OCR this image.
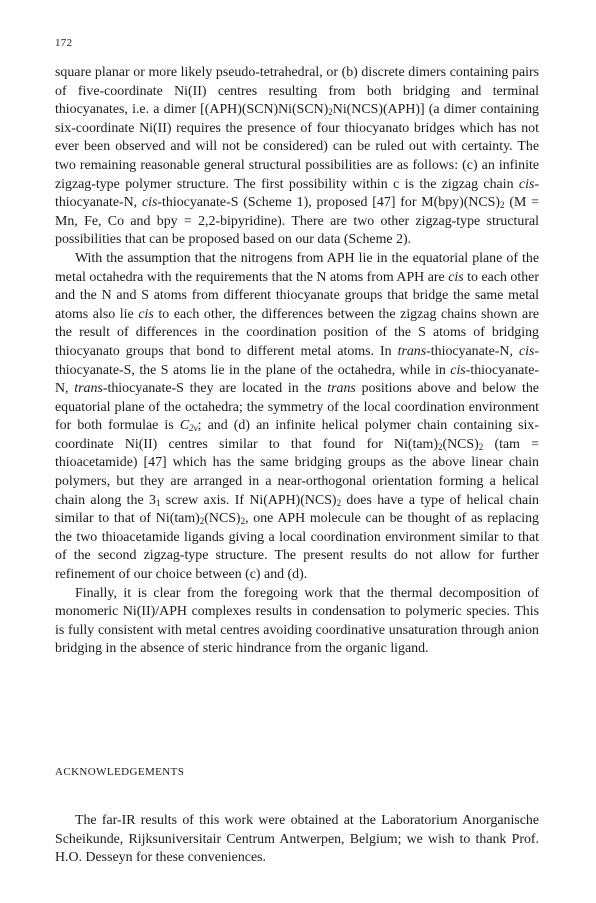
172

square planar or more likely pseudo-tetrahedral, or (b) discrete dimers containing pairs of five-coordinate Ni(II) centres resulting from both bridging and terminal thiocyanates, i.e. a dimer $[(APH)(SCN)Ni(SCN)_2Ni(NCS)(APH)]$ (a dimer containing six-coordinate Ni(II) requires the presence of four thiocyanato bridges which has not ever been observed and will not be considered) can be ruled out with certainty. The two remaining reasonable general structural possibilities are as follows: (c) an infinite zigzag-type polymer structure. The first possibility within c is the zigzag chain cis-thiocyanate-N, cis-thiocyanate-S (Scheme 1), proposed [47] for $M(bpy)(NCS)_2$ (M = Mn, Fe, Co and bpy = 2,2-bipyridine). There are two other zigzag-type structural possibilities that can be proposed based on our data (Scheme 2).

With the assumption that the nitrogens from APH lie in the equatorial plane of the metal octahedra with the requirements that the N atoms from APH are cis to each other and the N and S atoms from different thiocyanate groups that bridge the same metal atoms also lie cis to each other, the differences between the zigzag chains shown are the result of differences in the coordination position of the S atoms of bridging thiocyanato groups that bond to different metal atoms. In trans-thiocyanate-N, cis-thiocyanate-S, the S atoms lie in the plane of the octahedra, while in cis-thiocyanate-N, trans-thiocyanate-S they are located in the trans positions above and below the equatorial plane of the octahedra; the symmetry of the local coordination environment for both formulae is $C_{2v}$; and (d) an infinite helical polymer chain containing six-coordinate Ni(II) centres similar to that found for $Ni(tam)_2(NCS)_2$ (tam = thioacetamide) [47] which has the same bridging groups as the above linear chain polymers, but they are arranged in a near-orthogonal orientation forming a helical chain along the $3_1$ screw axis. If $Ni(APH)(NCS)_2$ does have a type of helical chain similar to that of $Ni(tam)_2(NCS)_2$, one APH molecule can be thought of as replacing the two thioacetamide ligands giving a local coordination environment similar to that of the second zigzag-type structure. The present results do not allow for further refinement of our choice between (c) and (d).

Finally, it is clear from the foregoing work that the thermal decomposition of monomeric Ni(II)/APH complexes results in condensation to polymeric species. This is fully consistent with metal centres avoiding coordinative unsaturation through anion bridging in the absence of steric hindrance from the organic ligand.

ACKNOWLEDGEMENTS

The far-IR results of this work were obtained at the Laboratorium Anorganische Scheikunde, Rijksuniversitair Centrum Antwerpen, Belgium; we wish to thank Prof. H.O. Desseyn for these conveniences.
